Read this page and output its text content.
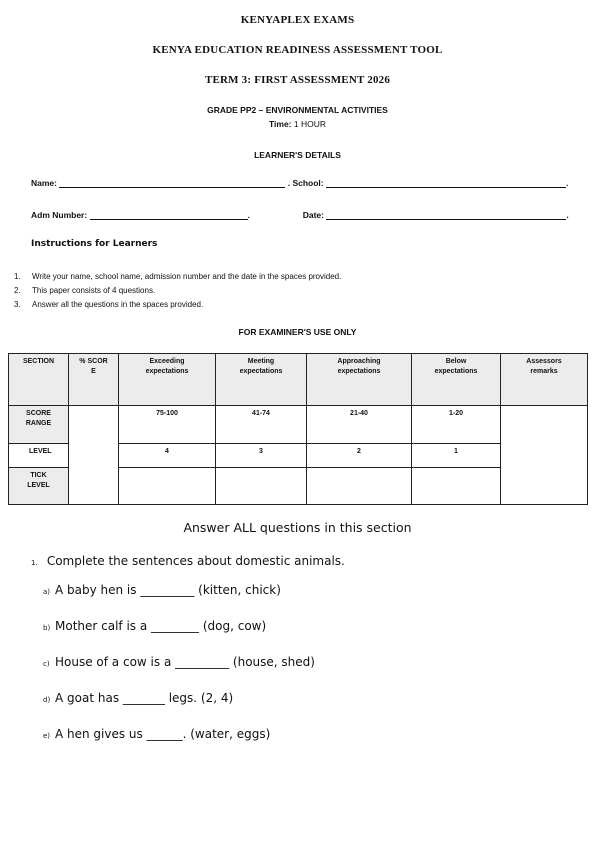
KENYAPLEX EXAMS
KENYA EDUCATION READINESS ASSESSMENT TOOL
TERM 3: FIRST ASSESSMENT 2026
GRADE PP2 – ENVIRONMENTAL ACTIVITIES
Time: 1 HOUR
LEARNER'S DETAILS
Name:	. School:	.
Adm Number:	.	Date:	.
Instructions for Learners
1. Write your name, school name, admission number and the date in the spaces provided.
2. This paper consists of 4 questions.
3. Answer all the questions in the spaces provided.
FOR EXAMINER'S USE ONLY
SECTION	% SCOR E	Exceeding expectations	Meeting expectations	Approaching expectations	Below expectations	Assessors remarks
SCORE RANGE		75-100	41-74	21-40	1-20	
LEVEL		4	3	2	1	
TICK LEVEL						
Answer ALL questions in this section
1. Complete the sentences about domestic animals.
a) A baby hen is _________ (kitten, chick)
b) Mother calf is a ________ (dog, cow)
c) House of a cow is a _________ (house, shed)
d) A goat has _______ legs. (2, 4)
e) A hen gives us ______. (water, eggs)
